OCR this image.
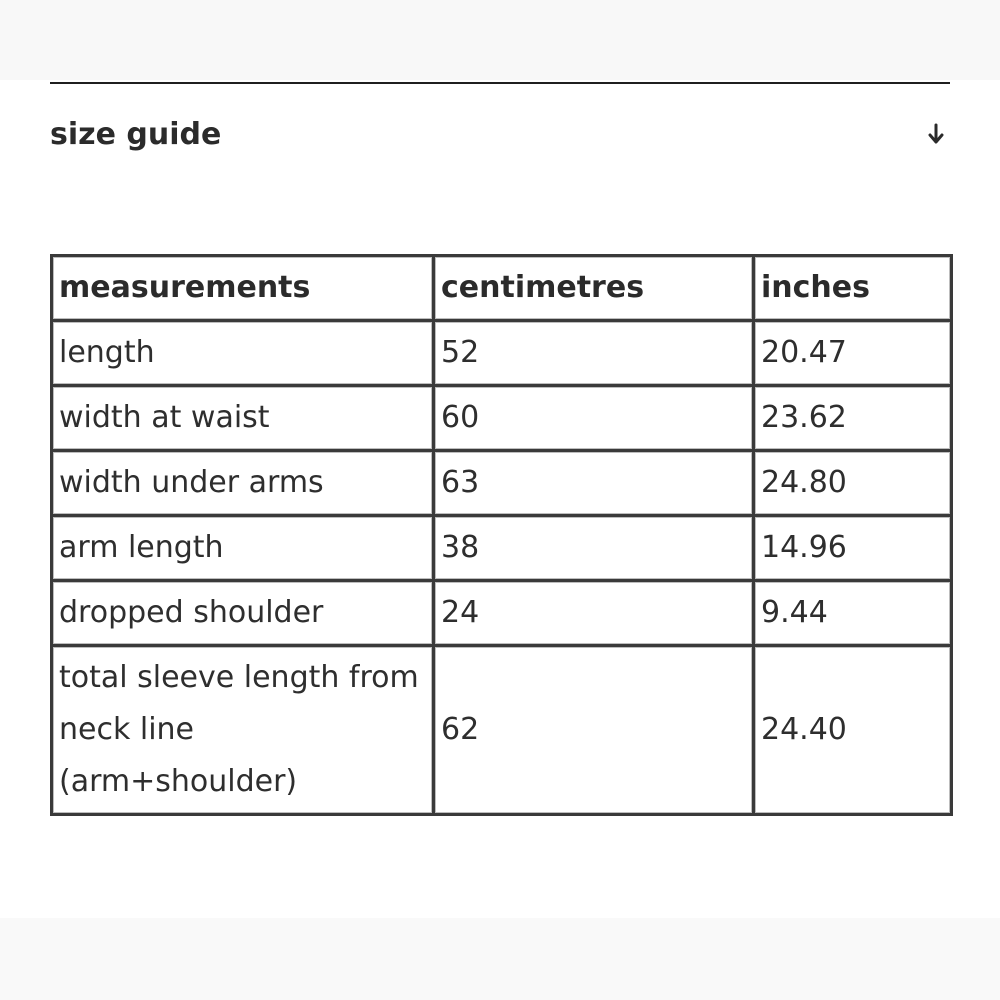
size guide
measurements	centimetres	inches
length	52	20.47
width at waist	60	23.62
width under arms	63	24.80
arm length	38	14.96
dropped shoulder	24	9.44
total sleeve length from neck line (arm+shoulder)	62	24.40
